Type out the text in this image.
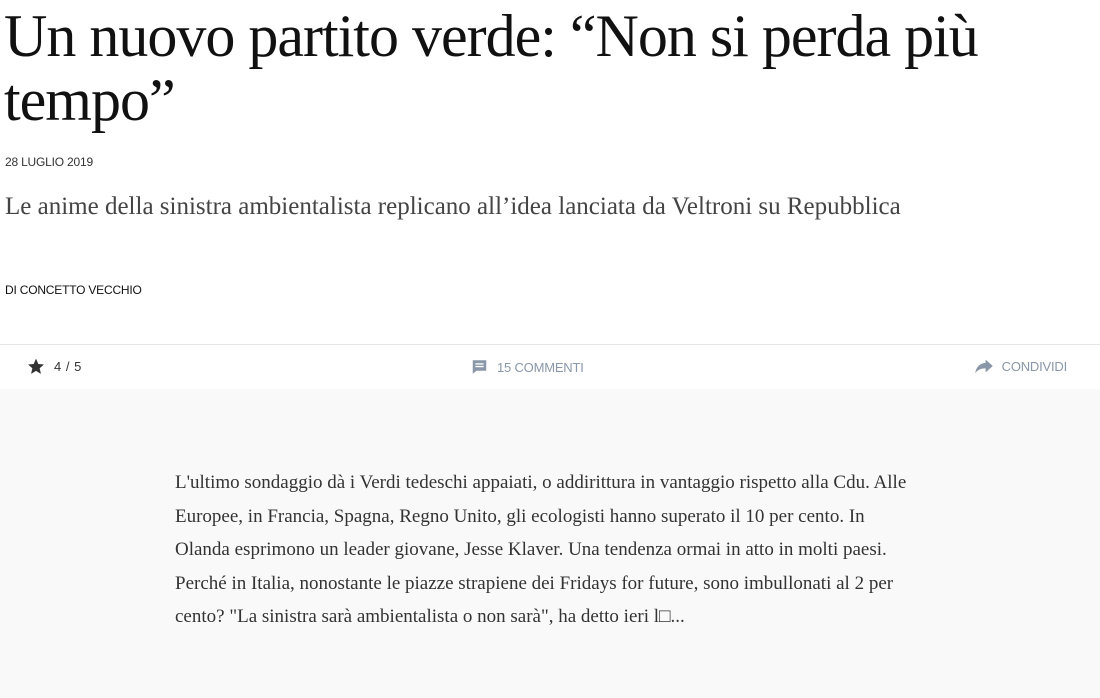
Un nuovo partito verde: “Non si perda più tempo”
28 LUGLIO 2019
Le anime della sinistra ambientalista replicano all’idea lanciata da Veltroni su Repubblica
DI CONCETTO VECCHIO
4 / 5	15 COMMENTI	CONDIVIDI

L'ultimo sondaggio dà i Verdi tedeschi appaiati, o addirittura in vantaggio rispetto alla Cdu. Alle Europee, in Francia, Spagna, Regno Unito, gli ecologisti hanno superato il 10 per cento. In Olanda esprimono un leader giovane, Jesse Klaver. Una tendenza ormai in atto in molti paesi. Perché in Italia, nonostante le piazze strapiene dei Fridays for future, sono imbullonati al 2 per cento? "La sinistra sarà ambientalista o non sarà", ha detto ieri l□...
